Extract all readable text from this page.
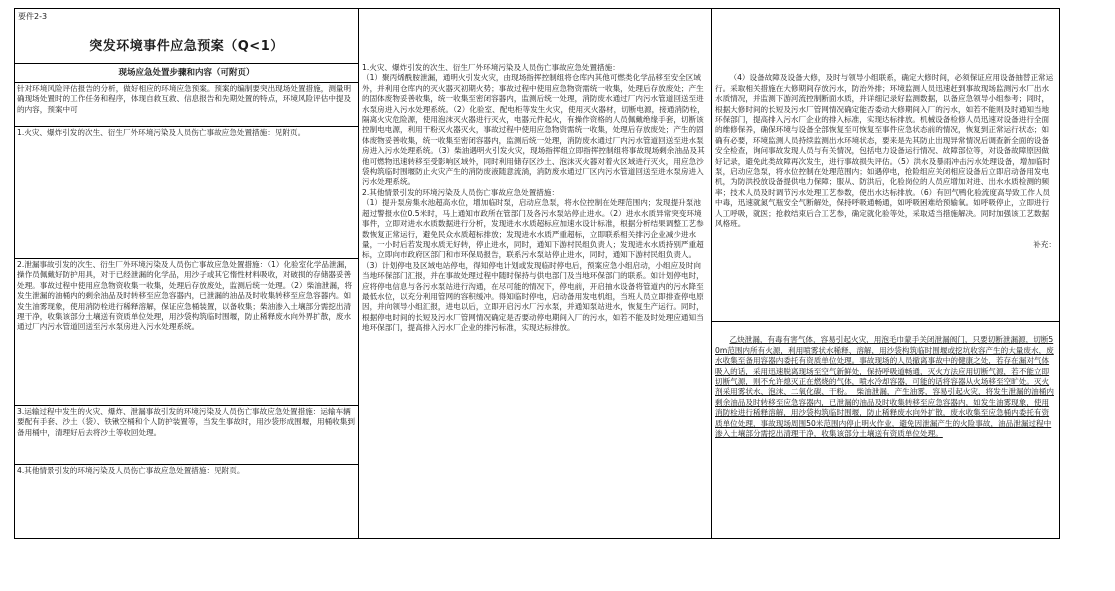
要件2-3
突发环境事件应急预案（Q<1）
现场应急处置步骤和内容（可附页）
针对环境风险评估报告的分析，做好相应的环境应急预案。预案的编制要突出现场处置措施，测量明确现场处置时的工作任务和程序，体现自救互救、信息报告和先期处置的特点，环境风险评估中提及的内容，预案中可
1.火灾、爆炸引发的次生、衍生厂外环境污染及人员伤亡事故应急处置措施：见附页。
2.泄漏事故引发的次生、衍生厂外环境污染及人员伤亡事故应急处置措施：（1）化验室化学品泄漏，操作员佩戴好防护用具，对于已经泄漏的化学品，用沙子或其它惰性材料吸收，对破损的存储器妥善处理。事故过程中使用应急物资收集一收集，处理后存放废处，监测后统一处理。（2）柴油泄漏，将发生泄漏的油桶内的剩余油品及时转移至应急容器内，已泄漏的油品及时收集转移至应急容器内。如发生油雾现象，使用消防栓进行稀释溶解，保证应急桶装置，以备收集；柴油渗入土壤部分需挖出清理干净，收集该部分土壤送有资质单位处理，用沙袋构筑临时围堰，防止稀释废水向外界扩散，废水通过厂内污水管道回送至污水泵房进入污水处理系统。
3.运输过程中发生的火灾、爆炸、泄漏事故引发的环境污染及人员伤亡事故应急处置措施：运输车辆要配有手套、沙土（袋）、铁锹空桶和个人防护装置等，当发生事故时，用沙袋形成围堰，用桶收集到备用桶中，清理好后去将沙土等收回处理。
4.其他情景引发的环境污染及人员伤亡事故应急处置措施：见附页。
1.火灾、爆炸引发的次生、衍生厂外环境污染及人员伤亡事故应急处置措施：
（1）聚丙烯酰胺泄漏，通明火引发火灾，由现场指挥控制组将仓库内其他可燃类化学品移至安全区域外，并利用仓库内的灭火器灭初期火势；事故过程中使用应急物资需统一收集，处理后存放废处；产生的固体废物妥善收集，统一收集至密闭容器内，监测后统一处理，消防废水通过厂内污水管道回送至进水泵房进入污水处理系统。（2）化验室、配电柜等发生火灾，使用灭火器材，切断电源，接通消防栓，隔离火灾危险源，使用泡沫灭火器进行灭火，电器元件起火，有操作资格的人员佩戴绝缘手套，切断该控制电电源，利用干粉灭火器灭火，事故过程中使用应急物资需统一收集，处理后存放废处；产生的固体废物妥善收集，统一收集至密闭容器内，监测后统一处理，消防废水通过厂内污水管道回送至进水泵房进入污水处理系统。（3）柴油遇明火引发火灾，现场指挥组立即指挥控制组将事故现场剩余油品及其他可燃物迅速转移至受影响区域外，同时利用储存区沙土、泡沫灭火器对着火区域进行灭火，用应急沙袋构筑临时围堰防止火灾产生的消防废液随意流淌，消防废水通过厂区内污水管道回送至进水泵房进入污水处理系统。
2.其他情景引发的环境污染及人员伤亡事故应急处置措施：
（1）提升泵房集水池超高水位，增加临时泵，启动应急泵，将水位控制在处理范围内；发现提升泵池超过警报水位0.5米时，马上通知市政所在管部门及各污水泵站停止进水。（2）进水水质异常突变环境事件，立即对进水水质数据进行分析，发现进水水质超标应加速水设计标准，根据分析结果调整工艺参数恢复正常运行，避免民众水质超标排放；发现进水水质严重超标，立即联系相关排污企业减少进水量，一小时后若发现水质无好转，停止进水，同时，通知下游村民组负责人；发现进水水质持别严重超标，立即向市政府区部门和市环保局报告，联系污水泵站停止进水，同时，通知下游村民组负责人。（3）计划停电及区域电站停电，得知停电计划或发现临时停电后，预案应急小组启动，小组应及时向当地环保部门汇报，并在事故处理过程中随时保持与供电部门及当地环保部门的联系。如计划停电时，应将停电信息与各污水泵站进行沟通，在尽可能的情况下，停电前，开启抽水设备将管道内的污水降至最低水位，以充分利用管网的容积缓冲。得知临时停电，启动备用发电机组，当班人员立即排查停电原因，并向领导小组汇报，进电以后，立即开启污水厂污水泵，并通知泵站进水，恢复生产运行。同时，根据停电时间的长短及污水厂管网情况确定是否要动停电期间入厂的污水，如若不能及时处理应通知当地环保部门，提高排入污水厂企业的排污标准，实现达标排放。

（4）设备故障及设备大修，及时与领导小组联系，确定大修时间，必须保证应用设备抽替正常运行。采取相关措施在大修期间存放污水，防治外排；环境监测人员迅速赶到事故现场监测污水厂出水水质情况，并监测下游河流控制断面水质，并详细记录好监测数据，以备应急领导小组参考；同时，根据大修时间的长短及污水厂管网情况确定能否委动大修期间入厂的污水，如若不能则及时通知当地环保部门，提高排入污水厂企业的排入标准，实现达标排放。机械设备检修人员迅速对设备进行全面的维修保养，确保环境与设备全部恢复至可恢复至事件应急状态前的情况，恢复到正常运行状态；如确有必要，环境监测人员持续监测出水环境状态，要来是先其防止出现异常情况后调查新全面的设备安全检查，询问事故发现人员与有关情况，包括电力设备运行情况、故障部位等，对设备故障原因做好记录，避免此类故障再次发生，进行事故损失评估。（5）洪水及暴雨冲击污水处理设备，增加临时泵，启动应急泵，将水位控制在处理范围内；如遇停电，抢险组应关闭相应设备后立即启动备用发电机，为防洪投放设备提供电力保障；服从、防洪后，化验岗位的人员应增加对进、出水水质检测的频率；技术人员及时调节污水处理工艺参数，使出水达标排放。（6）有回气鸭化验流度高导致工作人员中毒，迅速就氮气瓶安全气断解处，保持呼吸通畅通，如呼吸困难给预输氧。如呼吸停止，立即进行人工呼吸，就医；抢救结束后合工艺参，确定就化验等处，采取适当措施解决。同时加强该工艺数据风格班。

补充：

乙炔泄漏，有毒有害气体，容易引起火灾，用泡毛巾蒙手关闭泄漏阀门，只要切断泄漏源，切断50m范围内所有火源，利用喷雾状水稀释、溶解，用沙袋构筑临时围堰或挖坑收容产生的大量废水，废水收集至备用容器内委托有资质单位处理。事故现场的人员撤离事故中的健康之处，若存在漏对气体吸入的话，采用迅速脱离现场至空气新鲜处，保持呼吸道畅通，灭火方法应用切断气源，若不能立即切断气源，则不允许熄灭正在燃烧的气体，喷水冷却容器，可能的话将容器从火场移至空旷处。灭火剂采用雾状水、泡沫、二氧化碳、干粉。  柴油泄漏，产生油雾，容易引起火灾，将发生泄漏的油桶内剩余油品及时转移至应急容器内，已泄漏的油品及时收集转移至应急容器内，如发生油雾现象，使用消防栓进行稀释溶解，用沙袋构筑临时围堰，防止稀释废水向外扩散，废水收集至应急桶内委托有资质单位处理，事故现场周围50米范围内停止明火作业，避免因泄漏产生的火险事故，油品泄漏过程中渗入土壤部分需挖出清理干净，收集该部分土壤送有资质单位处理。
